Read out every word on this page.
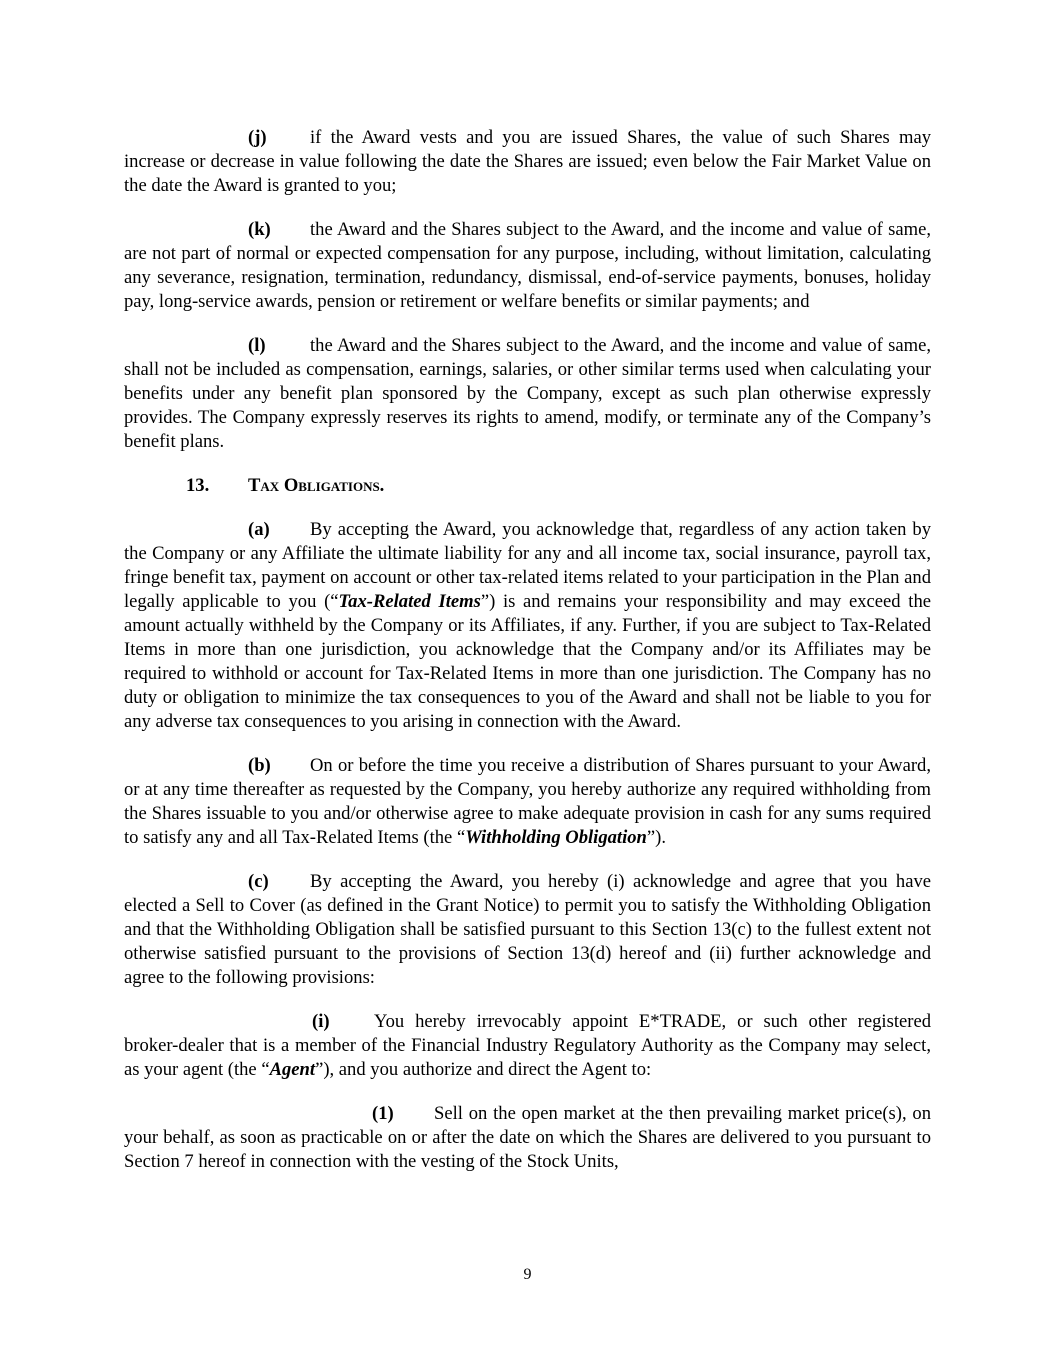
(j) if the Award vests and you are issued Shares, the value of such Shares may increase or decrease in value following the date the Shares are issued; even below the Fair Market Value on the date the Award is granted to you;

(k) the Award and the Shares subject to the Award, and the income and value of same, are not part of normal or expected compensation for any purpose, including, without limitation, calculating any severance, resignation, termination, redundancy, dismissal, end-of-service payments, bonuses, holiday pay, long-service awards, pension or retirement or welfare benefits or similar payments; and

(l) the Award and the Shares subject to the Award, and the income and value of same, shall not be included as compensation, earnings, salaries, or other similar terms used when calculating your benefits under any benefit plan sponsored by the Company, except as such plan otherwise expressly provides. The Company expressly reserves its rights to amend, modify, or terminate any of the Company’s benefit plans.

13. Tax Obligations.

(a) By accepting the Award, you acknowledge that, regardless of any action taken by the Company or any Affiliate the ultimate liability for any and all income tax, social insurance, payroll tax, fringe benefit tax, payment on account or other tax-related items related to your participation in the Plan and legally applicable to you (“Tax-Related Items”) is and remains your responsibility and may exceed the amount actually withheld by the Company or its Affiliates, if any. Further, if you are subject to Tax-Related Items in more than one jurisdiction, you acknowledge that the Company and/or its Affiliates may be required to withhold or account for Tax-Related Items in more than one jurisdiction. The Company has no duty or obligation to minimize the tax consequences to you of the Award and shall not be liable to you for any adverse tax consequences to you arising in connection with the Award.

(b) On or before the time you receive a distribution of Shares pursuant to your Award, or at any time thereafter as requested by the Company, you hereby authorize any required withholding from the Shares issuable to you and/or otherwise agree to make adequate provision in cash for any sums required to satisfy any and all Tax-Related Items (the “Withholding Obligation”).

(c) By accepting the Award, you hereby (i) acknowledge and agree that you have elected a Sell to Cover (as defined in the Grant Notice) to permit you to satisfy the Withholding Obligation and that the Withholding Obligation shall be satisfied pursuant to this Section 13(c) to the fullest extent not otherwise satisfied pursuant to the provisions of Section 13(d) hereof and (ii) further acknowledge and agree to the following provisions:

(i) You hereby irrevocably appoint E*TRADE, or such other registered broker-dealer that is a member of the Financial Industry Regulatory Authority as the Company may select, as your agent (the “Agent”), and you authorize and direct the Agent to:

(1) Sell on the open market at the then prevailing market price(s), on your behalf, as soon as practicable on or after the date on which the Shares are delivered to you pursuant to Section 7 hereof in connection with the vesting of the Stock Units,

9
